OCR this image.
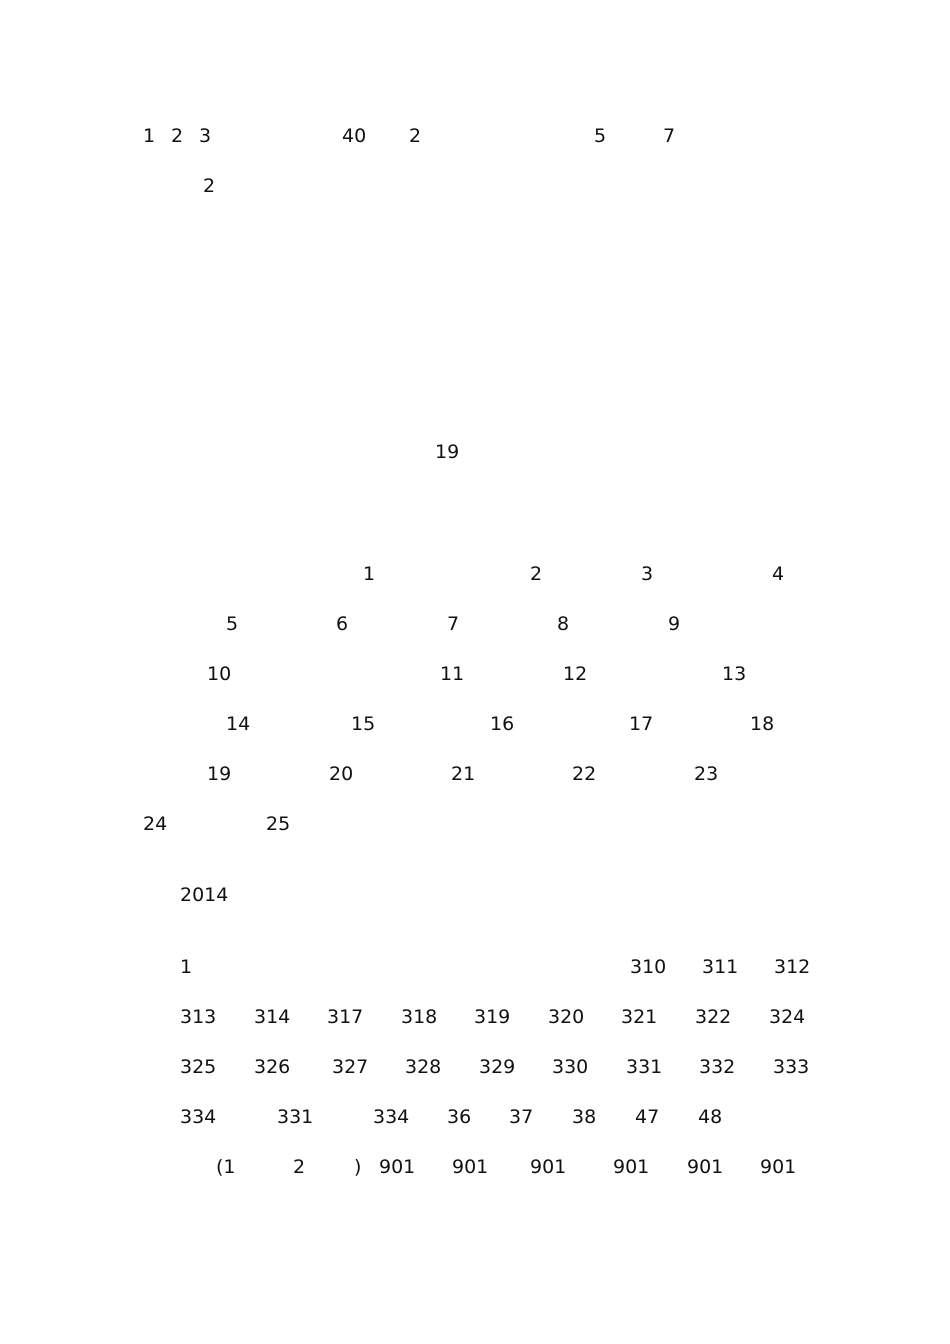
1 2 3	40 2	5	7
2
19
1	2	3	4
5	6	7	8	9
10	11	12	13
14	15	16	17	18
19	20	21	22	23
24	25
2014
1	310 311 312
313 314 317 318 319 320 321 322 324
325 326 327 328 329 330 331 332 333
334	331	334 36 37 38 47 48
(1	2	) 901 901 901 901 901 901
